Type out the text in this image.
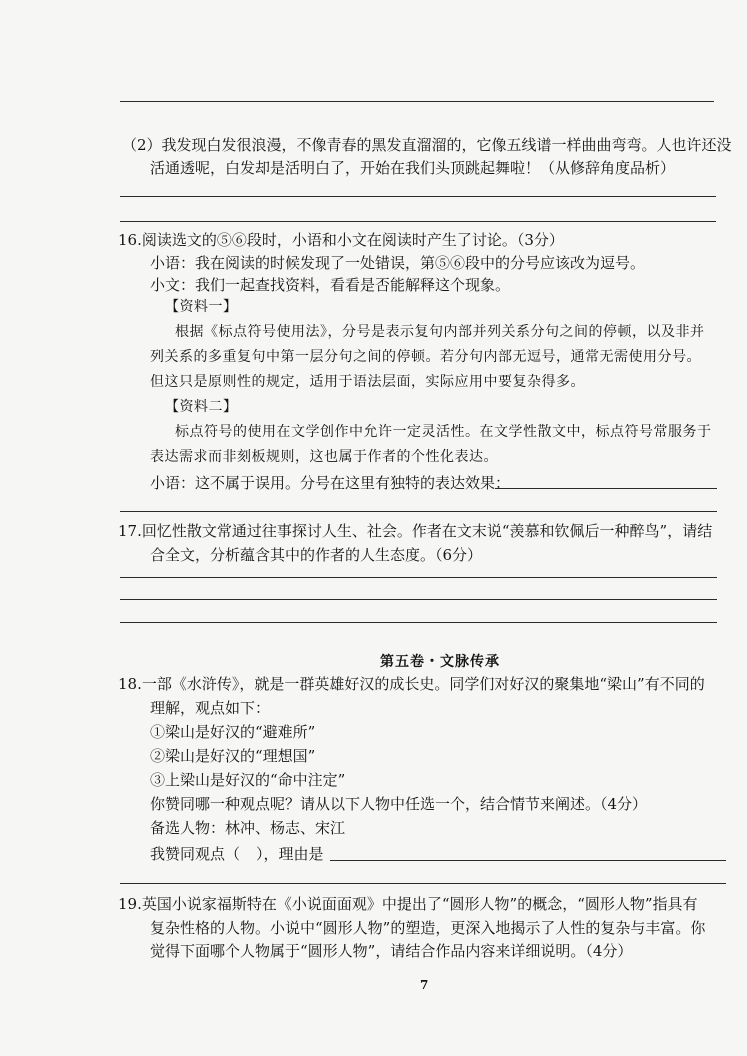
（2）我发现白发很浪漫，不像青春的黑发直溜溜的，它像五线谱一样曲曲弯弯。人也许还没
活通透呢，白发却是活明白了，开始在我们头顶跳起舞啦！（从修辞角度品析）
16.阅读选文的⑤⑥段时，小语和小文在阅读时产生了讨论。（3分）
小语：我在阅读的时候发现了一处错误，第⑤⑥段中的分号应该改为逗号。
小文：我们一起查找资料，看看是否能解释这个现象。
【资料一】
根据《标点符号使用法》，分号是表示复句内部并列关系分句之间的停顿，以及非并
列关系的多重复句中第一层分句之间的停顿。若分句内部无逗号，通常无需使用分号。
但这只是原则性的规定，适用于语法层面，实际应用中要复杂得多。
【资料二】
标点符号的使用在文学创作中允许一定灵活性。在文学性散文中，标点符号常服务于
表达需求而非刻板规则，这也属于作者的个性化表达。
小语：这不属于误用。分号在这里有独特的表达效果：
17.回忆性散文常通过往事探讨人生、社会。作者在文末说“羡慕和钦佩后一种醉鸟”，请结
合全文，分析蕴含其中的作者的人生态度。（6分）
第五卷・文脉传承
18.一部《水浒传》，就是一群英雄好汉的成长史。同学们对好汉的聚集地“梁山”有不同的
理解，观点如下：
①梁山是好汉的“避难所”
②梁山是好汉的“理想国”
③上梁山是好汉的“命中注定”
你赞同哪一种观点呢？请从以下人物中任选一个，结合情节来阐述。（4分）
备选人物：林冲、杨志、宋江
我赞同观点（ ），理由是
19.英国小说家福斯特在《小说面面观》中提出了“圆形人物”的概念，“圆形人物”指具有
复杂性格的人物。小说中“圆形人物”的塑造，更深入地揭示了人性的复杂与丰富。你
觉得下面哪个人物属于“圆形人物”，请结合作品内容来详细说明。（4分）
7
